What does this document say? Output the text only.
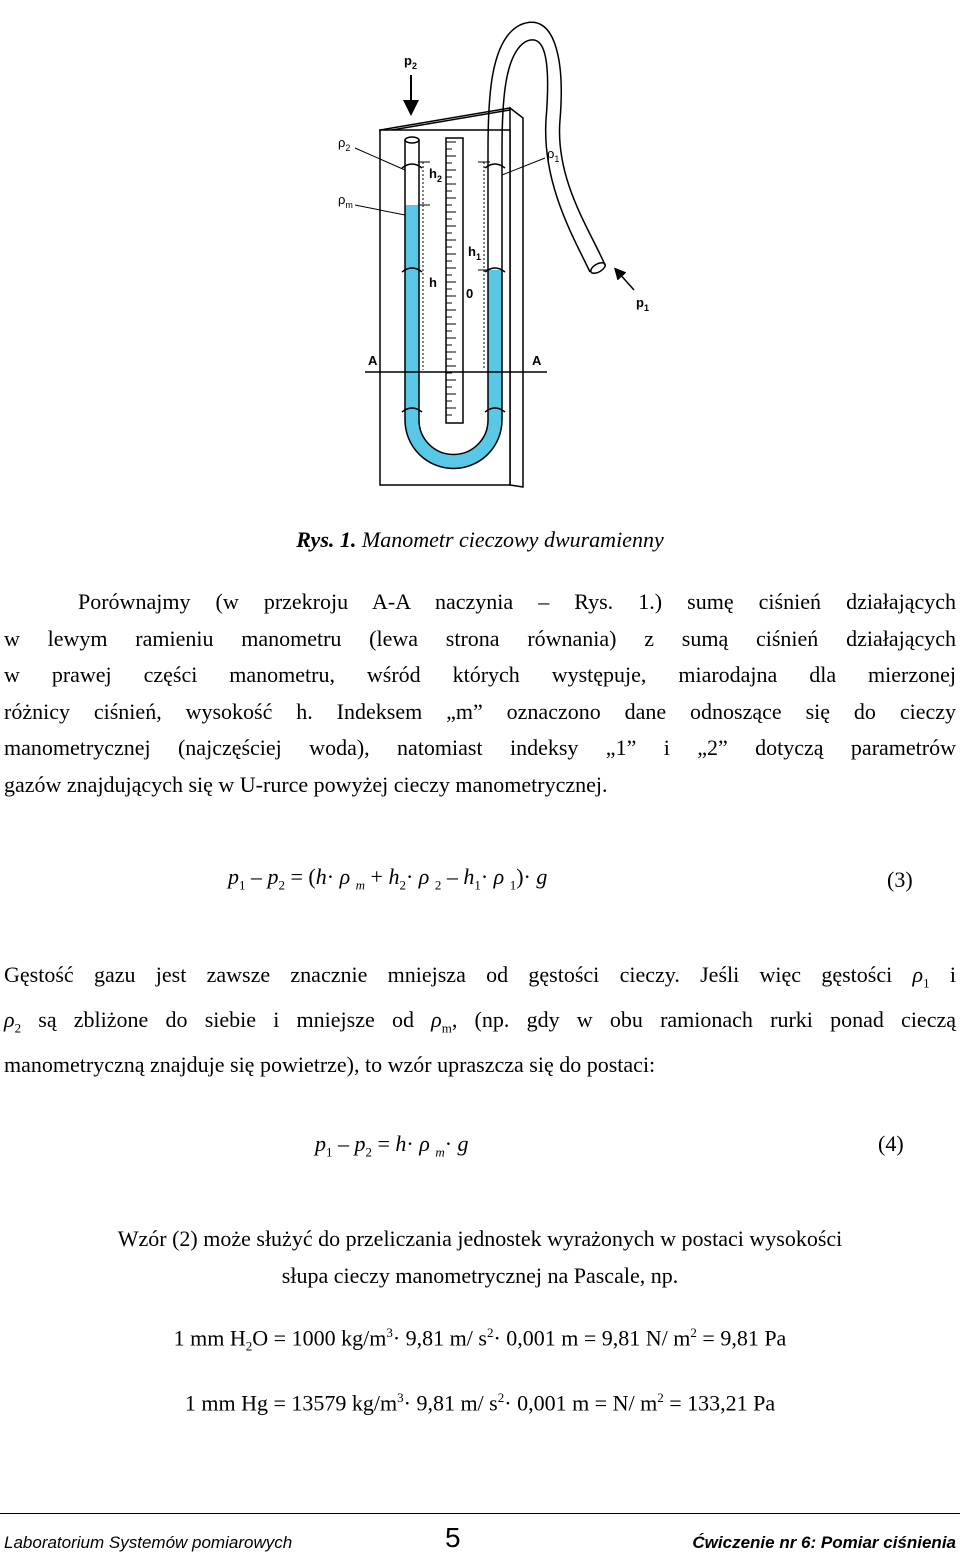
$p_2$
$p_1$
$\rho_2$
$\rho_m$
$\rho_1$
$h_2$
$h_1$
h
0
A	A
Rys. 1. Manometr cieczowy dwuramienny
Porównajmy (w przekroju A-A naczynia – Rys. 1.) sumę ciśnień działających
w lewym ramieniu manometru (lewa strona równania) z sumą ciśnień działających
w prawej części manometru, wśród których występuje, miarodajna dla mierzonej
różnicy ciśnień, wysokość h. Indeksem „m” oznaczono dane odnoszące się do cieczy
manometrycznej (najczęściej woda), natomiast indeksy „1” i „2” dotyczą parametrów
gazów znajdujących się w U-rurce powyżej cieczy manometrycznej.
$p_1 - p_2 = (h\cdot \rho$ $_m + h_2\cdot \rho$ $_2 - h_1\cdot \rho$ $_1$)· g	(3)
Gęstość gazu jest zawsze znacznie mniejsza od gęstości cieczy. Jeśli więc gęstości $\rho_1$ i
$\rho_2$ są zbliżone do siebie i mniejsze od $\rho_m$, (np. gdy w obu ramionach rurki ponad cieczą
manometryczną znajduje się powietrze), to wzór upraszcza się do postaci:
$p_1 - p_2 = h\cdot \rho$ $_m$· g	(4)
Wzór (2) może służyć do przeliczania jednostek wyrażonych w postaci wysokości
słupa cieczy manometrycznej na Pascale, np.
1 mm $H_2O = 1000$ $kg/m^3\cdot 9,81$ m/ $s^2\cdot 0,001$ m = 9,81 N/ $m^2 = 9,81$ Pa
1 mm Hg = 13579 $kg/m^3\cdot 9,81$ m/ $s^2\cdot 0,001$ m = N/ $m^2 = 133,21$ Pa
Laboratorium Systemów pomiarowych	5	Ćwiczenie nr 6: Pomiar ciśnienia
